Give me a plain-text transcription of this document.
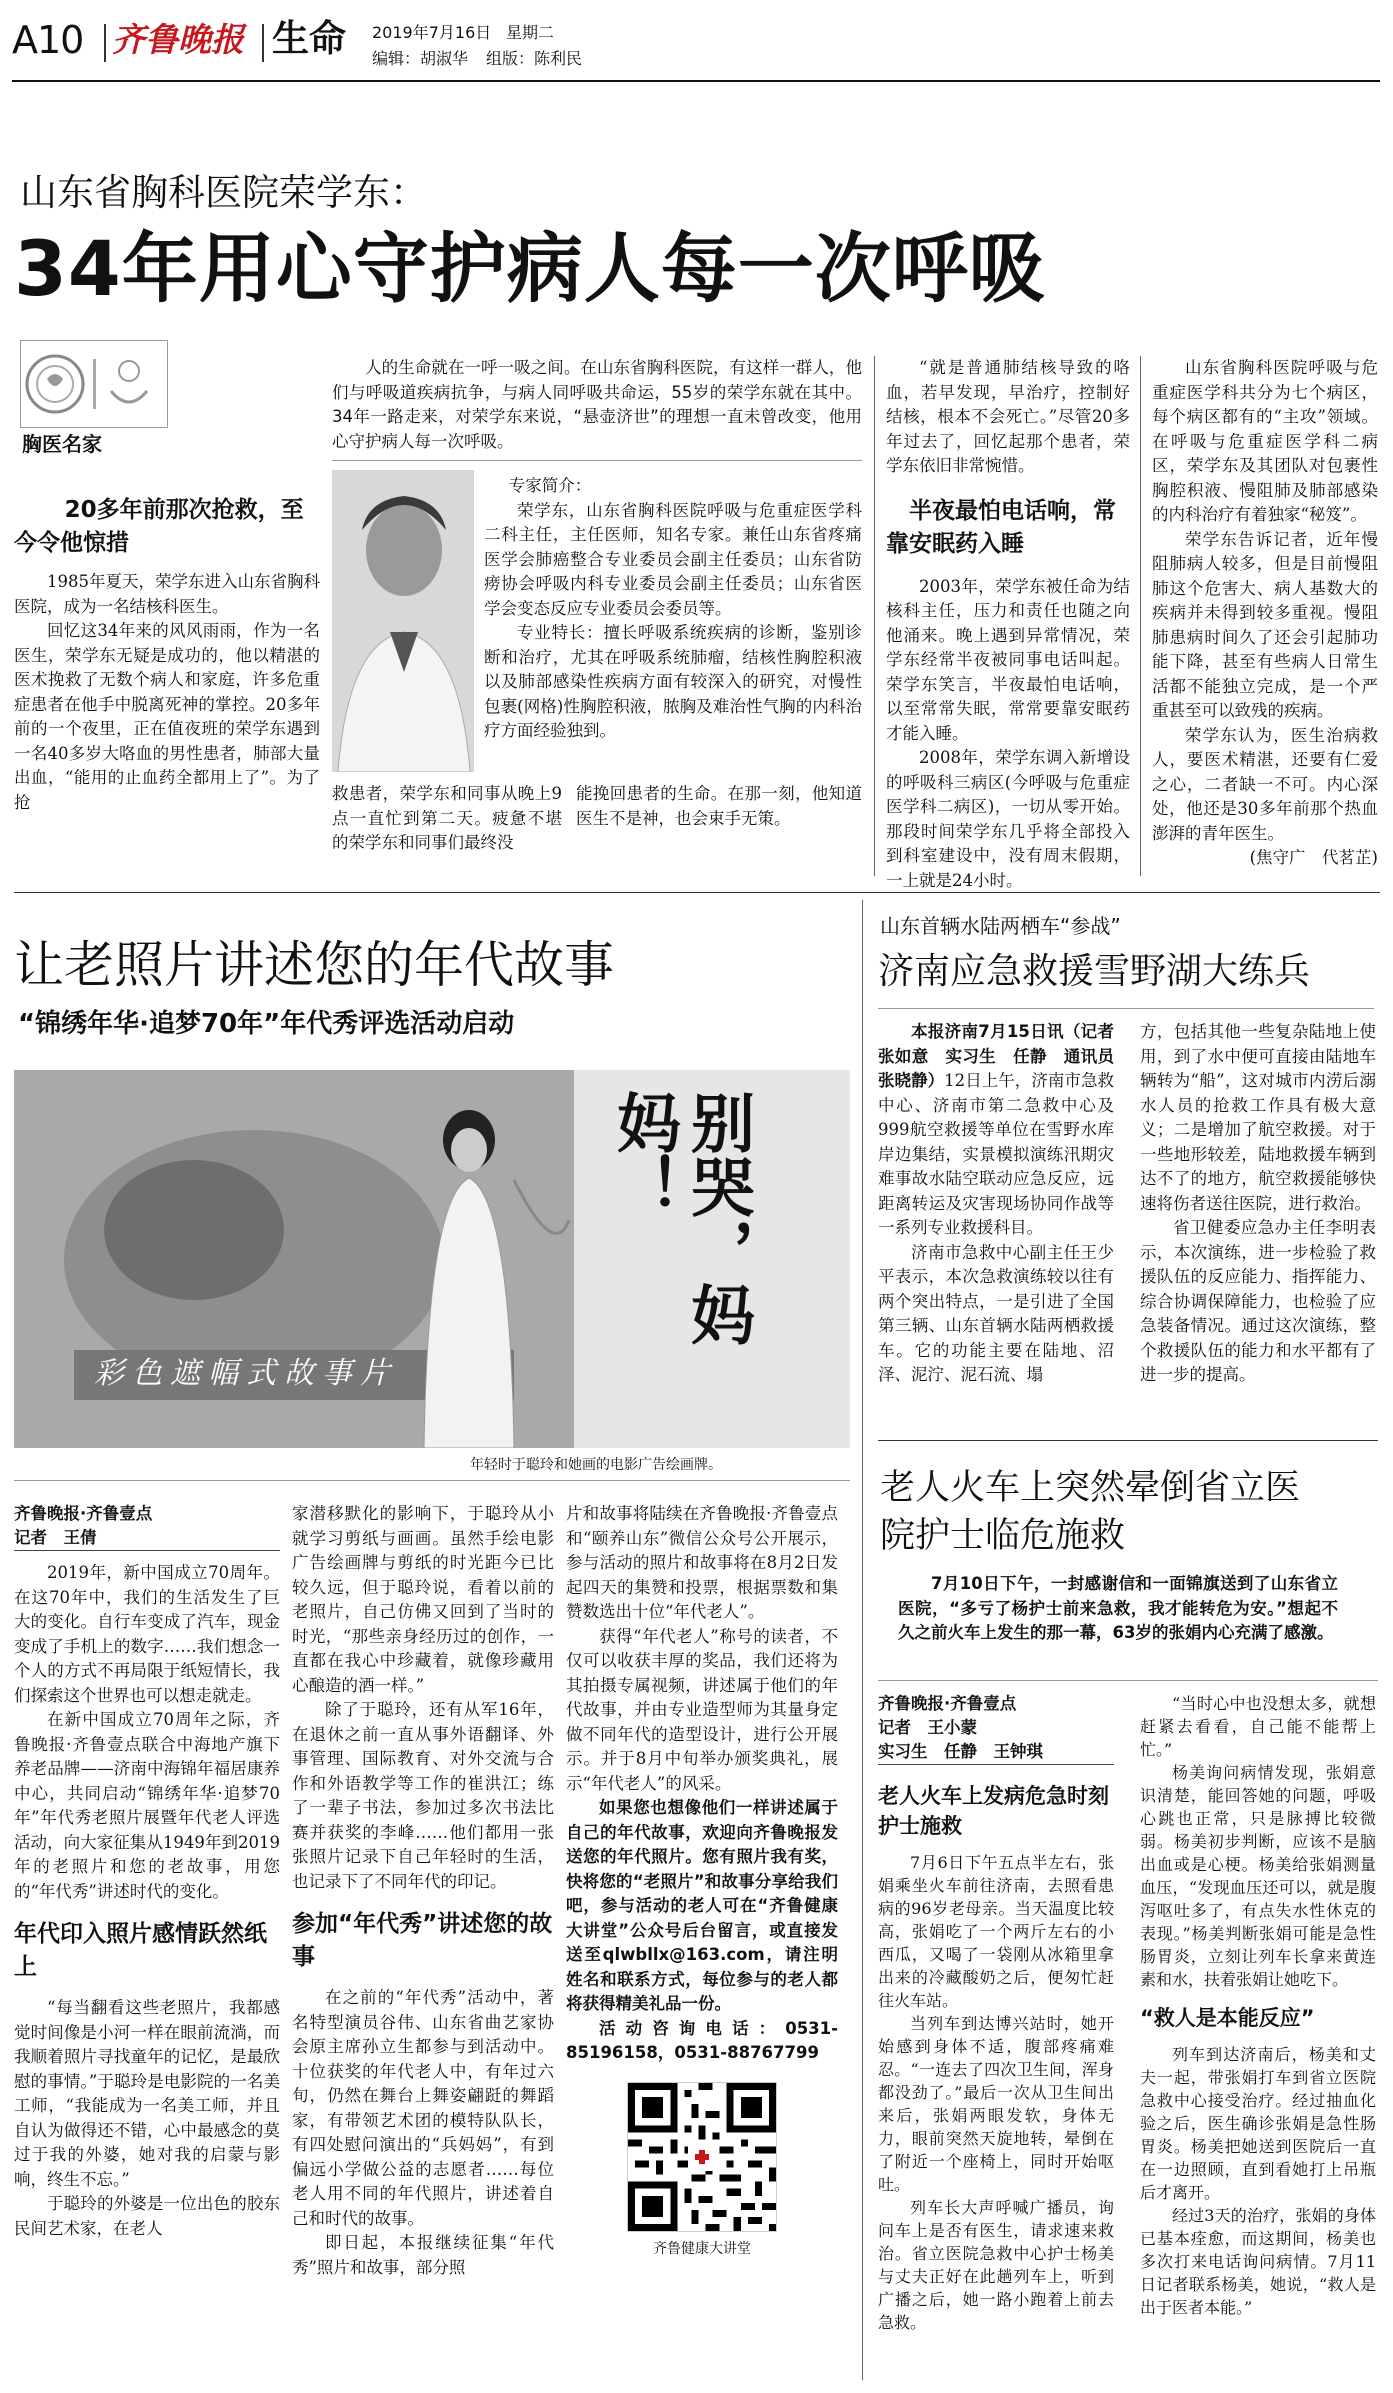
A10 齐鲁晚报 生命 2019年7月16日 星期二
编辑：胡淑华 组版：陈利民
山东省胸科医院荣学东：
34年用心守护病人每一次呼吸
胸医名家

人的生命就在一呼一吸之间。在山东省胸科医院，有这样一群人，他们与呼吸道疾病抗争，与病人同呼吸共命运，55岁的荣学东就在其中。34年一路走来，对荣学东来说，“悬壶济世”的理想一直未曾改变，他用心守护病人每一次呼吸。

专家简介：

荣学东，山东省胸科医院呼吸与危重症医学科二科主任，主任医师，知名专家。兼任山东省疼痛医学会肺癌整合专业委员会副主任委员；山东省防痨协会呼吸内科专业委员会副主任委员；山东省医学会变态反应专业委员会委员等。

专业特长：擅长呼吸系统疾病的诊断，鉴别诊断和治疗，尤其在呼吸系统肺瘤，结核性胸腔积液以及肺部感染性疾病方面有较深入的研究，对慢性包裹(网格)性胸腔积液，脓胸及难治性气胸的内科治疗方面经验独到。

20多年前那次抢救，至今令他惊措

1985年夏天，荣学东进入山东省胸科医院，成为一名结核科医生。

回忆这34年来的风风雨雨，作为一名医生，荣学东无疑是成功的，他以精湛的医术挽救了无数个病人和家庭，许多危重症患者在他手中脱离死神的掌控。20多年前的一个夜里，正在值夜班的荣学东遇到一名40多岁大咯血的男性患者，肺部大量出血，“能用的止血药全都用上了”。为了抢	救患者，荣学东和同事从晚上9点一直忙到第二天。疲惫不堪的荣学东和同事们最终没

能挽回患者的生命。在那一刻，他知道医生不是神，也会束手无策。

“就是普通肺结核导致的咯血，若早发现，早治疗，控制好结核，根本不会死亡。”尽管20多年过去了，回忆起那个患者，荣学东依旧非常惋惜。

半夜最怕电话响，常靠安眠药入睡

2003年，荣学东被任命为结核科主任，压力和责任也随之向他涌来。晚上遇到异常情况，荣学东经常半夜被同事电话叫起。荣学东笑言，半夜最怕电话响，以至常常失眠，常常要靠安眠药才能入睡。

2008年，荣学东调入新增设的呼吸科三病区(今呼吸与危重症医学科二病区)，一切从零开始。那段时间荣学东几乎将全部投入到科室建设中，没有周末假期，一上就是24小时。

山东省胸科医院呼吸与危重症医学科共分为七个病区，每个病区都有的“主攻”领域。在呼吸与危重症医学科二病区，荣学东及其团队对包裹性胸腔积液、慢阻肺及肺部感染的内科治疗有着独家“秘笈”。

荣学东告诉记者，近年慢阻肺病人较多，但是目前慢阻肺这个危害大、病人基数大的疾病并未得到较多重视。慢阻肺患病时间久了还会引起肺功能下降，甚至有些病人日常生活都不能独立完成，是一个严重甚至可以致残的疾病。

荣学东认为，医生治病救人，要医术精湛，还要有仁爱之心，二者缺一不可。内心深处，他还是30多年前那个热血澎湃的青年医生。

(焦守广　代茗芷)
让老照片讲述您的年代故事
“锦绣年华·追梦70年”年代秀评选活动启动
别哭，妈妈！
彩色遮幅式故事片
年轻时于聪玲和她画的电影广告绘画牌。
齐鲁晚报·齐鲁壹点
记者　王倩

2019年，新中国成立70周年。在这70年中，我们的生活发生了巨大的变化。自行车变成了汽车，现金变成了手机上的数字……我们想念一个人的方式不再局限于纸短情长，我们探索这个世界也可以想走就走。

在新中国成立70周年之际，齐鲁晚报·齐鲁壹点联合中海地产旗下养老品牌——济南中海锦年福居康养中心，共同启动“锦绣年华·追梦70年”年代秀老照片展暨年代老人评选活动，向大家征集从1949年到2019年的老照片和您的老故事，用您的“年代秀”讲述时代的变化。

年代印入照片感情跃然纸上

“每当翻看这些老照片，我都感觉时间像是小河一样在眼前流淌，而我顺着照片寻找童年的记忆，是最欣慰的事情。”于聪玲是电影院的一名美工师，“我能成为一名美工师，并且自认为做得还不错，心中最感念的莫过于我的外婆，她对我的启蒙与影响，终生不忘。”

于聪玲的外婆是一位出色的胶东民间艺术家，在老人

家潜移默化的影响下，于聪玲从小就学习剪纸与画画。虽然手绘电影广告绘画牌与剪纸的时光距今已比较久远，但于聪玲说，看着以前的老照片，自己仿佛又回到了当时的时光，“那些亲身经历过的创作，一直都在我心中珍藏着，就像珍藏用心酿造的酒一样。”

除了于聪玲，还有从军16年，在退休之前一直从事外语翻译、外事管理、国际教育、对外交流与合作和外语教学等工作的崔洪江；练了一辈子书法，参加过多次书法比赛并获奖的李峰……他们都用一张张照片记录下自己年轻时的生活，也记录下了不同年代的印记。

参加“年代秀”讲述您的故事

在之前的“年代秀”活动中，著名特型演员谷伟、山东省曲艺家协会原主席孙立生都参与到活动中。十位获奖的年代老人中，有年过六旬，仍然在舞台上舞姿翩跹的舞蹈家，有带领艺术团的模特队队长，有四处慰问演出的“兵妈妈”，有到偏远小学做公益的志愿者……每位老人用不同的年代照片，讲述着自己和时代的故事。

即日起，本报继续征集“年代秀”照片和故事，部分照

片和故事将陆续在齐鲁晚报·齐鲁壹点和“颐养山东”微信公众号公开展示，参与活动的照片和故事将在8月2日发起四天的集赞和投票，根据票数和集赞数选出十位“年代老人”。

获得“年代老人”称号的读者，不仅可以收获丰厚的奖品，我们还将为其拍摄专属视频，讲述属于他们的年代故事，并由专业造型师为其量身定做不同年代的造型设计，进行公开展示。并于8月中旬举办颁奖典礼，展示“年代老人”的风采。

如果您也想像他们一样讲述属于自己的年代故事，欢迎向齐鲁晚报发送您的年代照片。您有照片我有奖，快将您的“老照片”和故事分享给我们吧，参与活动的老人可在“齐鲁健康大讲堂”公众号后台留言，或直接发送至qlwbllx@163.com，请注明姓名和联系方式，每位参与的老人都将获得精美礼品一份。

活动咨询电话：0531-85196158，0531-88767799

齐鲁健康大讲堂
山东首辆水陆两栖车“参战”
济南应急救援雪野湖大练兵

本报济南7月15日讯（记者　张如意　实习生　任静　通讯员　张晓静）12日上午，济南市急救中心、济南市第二急救中心及999航空救援等单位在雪野水库岸边集结，实景模拟演练汛期灾难事故水陆空联动应急反应，远距离转运及灾害现场协同作战等一系列专业救援科目。

济南市急救中心副主任王少平表示，本次急救演练较以往有两个突出特点，一是引进了全国第三辆、山东首辆水陆两栖救援车。它的功能主要在陆地、沼泽、泥泞、泥石流、塌

方，包括其他一些复杂陆地上使用，到了水中便可直接由陆地车辆转为“船”，这对城市内涝后溺水人员的抢救工作具有极大意义；二是增加了航空救援。对于一些地形较差，陆地救援车辆到达不了的地方，航空救援能够快速将伤者送往医院，进行救治。

省卫健委应急办主任李明表示，本次演练，进一步检验了救援队伍的反应能力、指挥能力、综合协调保障能力，也检验了应急装备情况。通过这次演练，整个救援队伍的能力和水平都有了进一步的提高。

老人火车上突然晕倒省立医院护士临危施救

7月10日下午，一封感谢信和一面锦旗送到了山东省立医院，“多亏了杨护士前来急救，我才能转危为安。”想起不久之前火车上发生的那一幕，63岁的张娟内心充满了感激。

齐鲁晚报·齐鲁壹点
记者　王小蒙
实习生　任静　王钟琪
老人火车上发病危急时刻护士施救

7月6日下午五点半左右，张娟乘坐火车前往济南，去照看患病的96岁老母亲。当天温度比较高，张娟吃了一个两斤左右的小西瓜，又喝了一袋刚从冰箱里拿出来的冷藏酸奶之后，便匆忙赶往火车站。

当列车到达博兴站时，她开始感到身体不适，腹部疼痛难忍。“一连去了四次卫生间，浑身都没劲了。”最后一次从卫生间出来后，张娟两眼发软，身体无力，眼前突然天旋地转，晕倒在了附近一个座椅上，同时开始呕吐。

列车长大声呼喊广播员，询问车上是否有医生，请求速来救治。省立医院急救中心护士杨美与丈夫正好在此趟列车上，听到广播之后，她一路小跑着上前去急救。

“当时心中也没想太多，就想赶紧去看看，自己能不能帮上忙。”

杨美询问病情发现，张娟意识清楚，能回答她的问题，呼吸心跳也正常，只是脉搏比较微弱。杨美初步判断，应该不是脑出血或是心梗。杨美给张娟测量血压，“发现血压还可以，就是腹泻呕吐多了，有点失水性休克的表现。”杨美判断张娟可能是急性肠胃炎，立刻让列车长拿来黄连素和水，扶着张娟让她吃下。

“救人是本能反应”

列车到达济南后，杨美和丈夫一起，带张娟打车到省立医院急救中心接受治疗。经过抽血化验之后，医生确诊张娟是急性肠胃炎。杨美把她送到医院后一直在一边照顾，直到看她打上吊瓶后才离开。

经过3天的治疗，张娟的身体已基本痊愈，而这期间，杨美也多次打来电话询问病情。7月11日记者联系杨美，她说，“救人是出于医者本能。”
